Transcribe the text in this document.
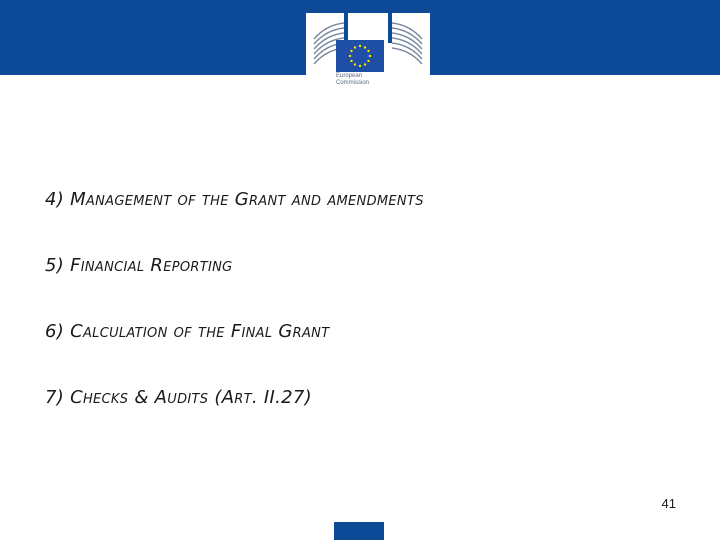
European
Commission
4) Management of the Grant and amendments
5) Financial Reporting
6) Calculation of the Final Grant
7) Checks & Audits (Art. II.27)
41
